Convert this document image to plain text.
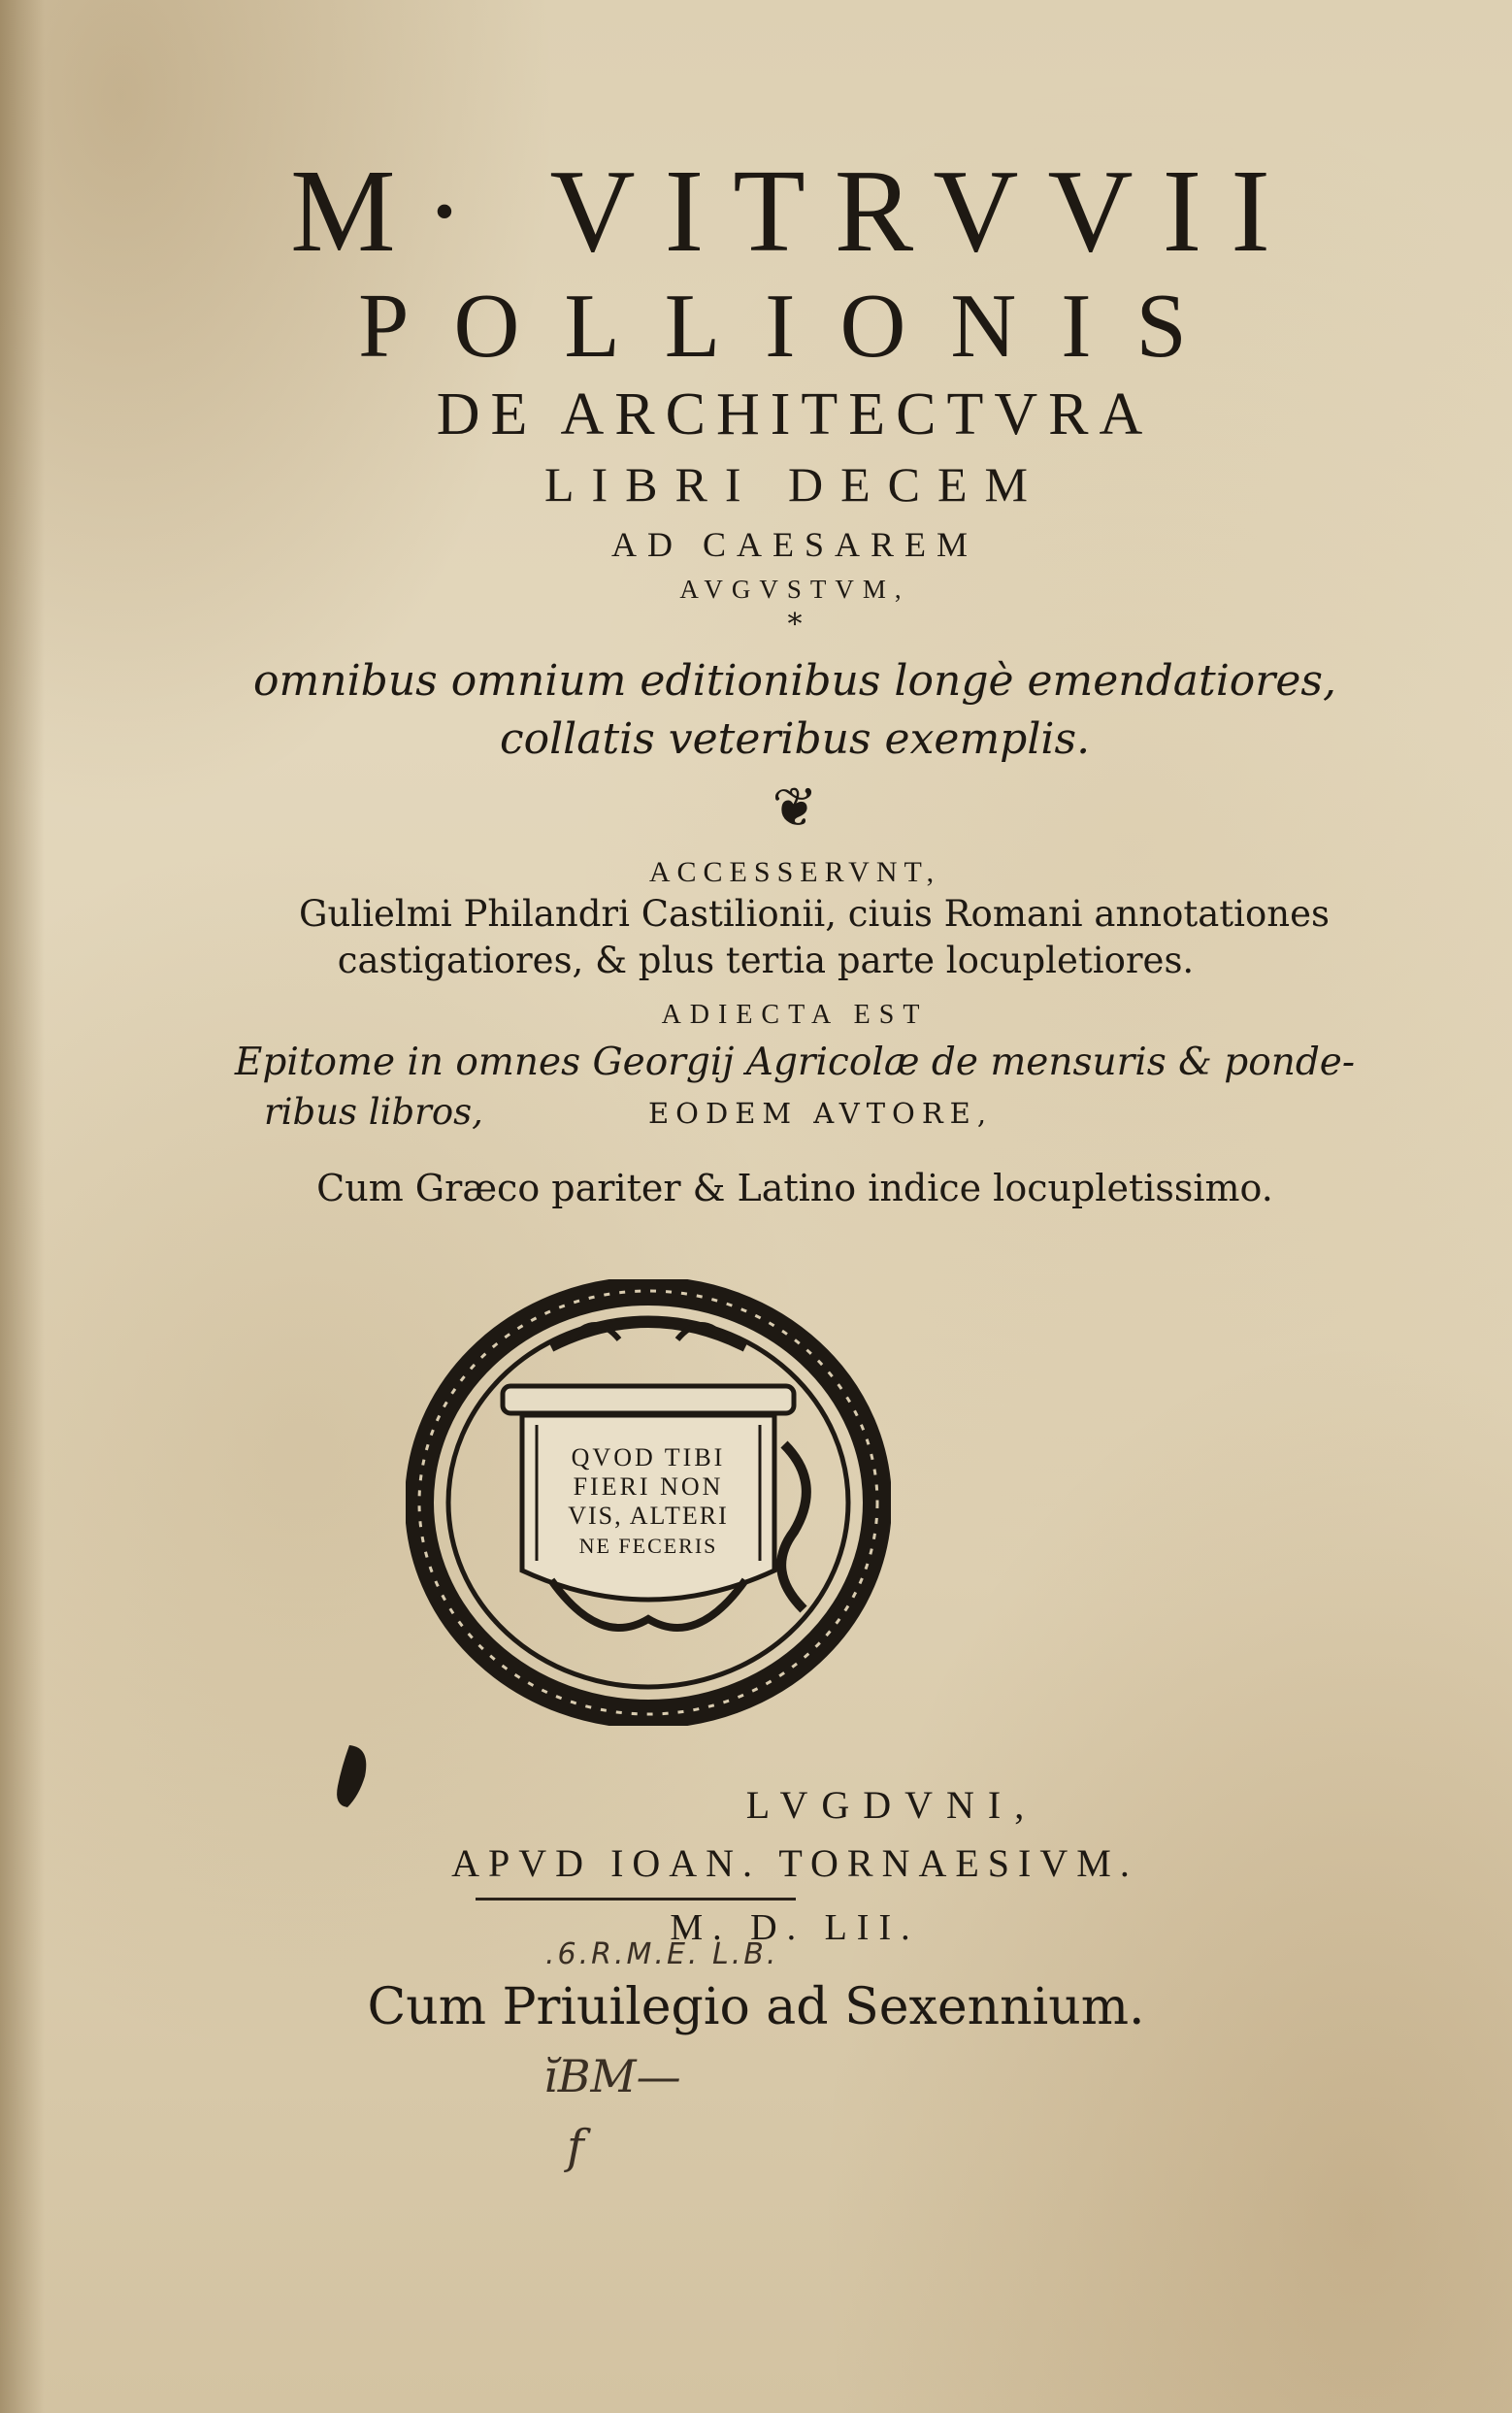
M· VITRVVII
POLLIONIS
DE ARCHITECTVRA
LIBRI DECEM
AD CAESAREM
AVGVSTVM,
*
omnibus omnium editionibus longè emendatiores,
collatis veteribus exemplis.
❦
ACCESSERVNT,
Gulielmi Philandri Castilionii, ciuis Romani annotationes
castigatiores, & plus tertia parte locupletiores.
ADIECTA EST
Epitome in omnes Georgij Agricolæ de mensuris & ponde-
ribus libros,	EODEM AVTORE,
Cum Græco pariter & Latino indice locupletissimo.
QVOD TIBI
FIERI NON
VIS, ALTERI
NE FECERIS
LVGDVNI,
APVD IOAN. TORNAESIVM.
M. D. LII.
.6.R.M.E. L.B.
Cum Priuilegio ad Sexennium.
ĭBM—
f
